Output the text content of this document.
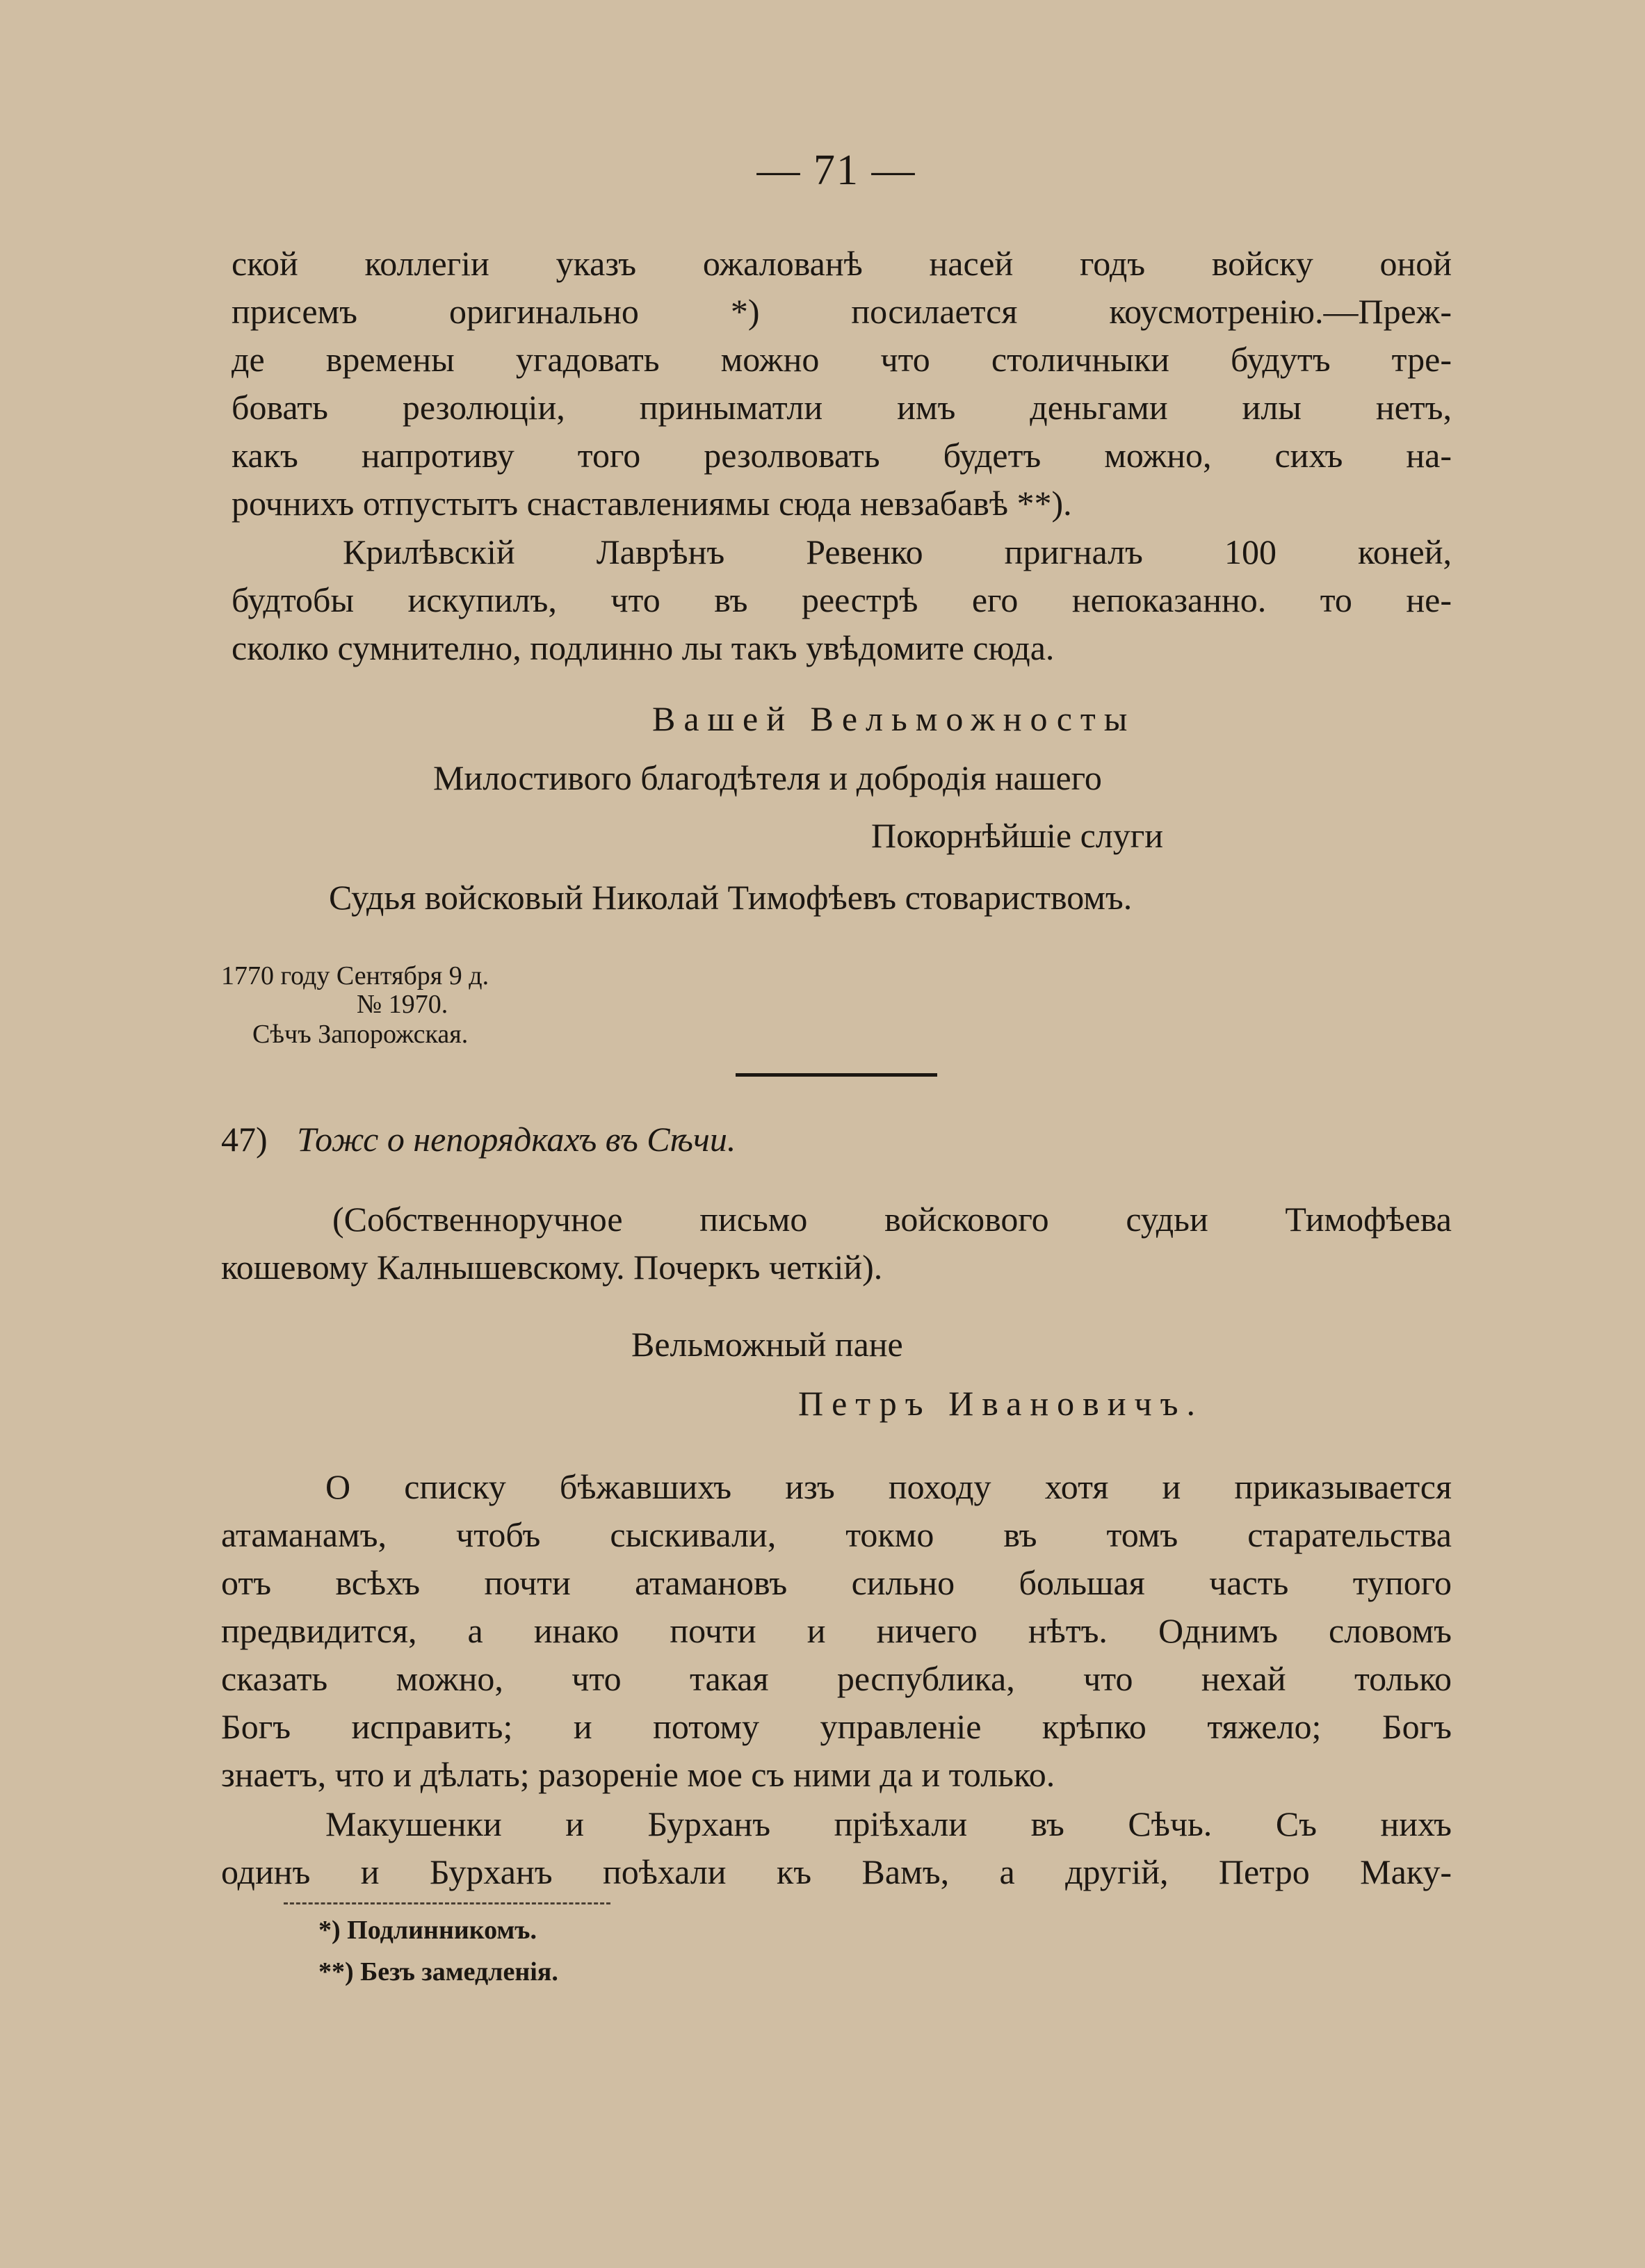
— 71 —
ской коллегіи указъ ожалованѣ насей годъ войску оной
присемъ оригинально *) посилается коусмотренію.—Преж-
де времены угадовать можно что столичныки будутъ тре-
бовать резолюціи, приныматли имъ деньгами илы нетъ,
какъ напротиву того резолвовать будетъ можно, сихъ на-
рочнихъ отпустытъ снаставлениямы сюда невзабавѣ **).
Крилѣвскій Лаврѣнъ Ревенко пригналъ 100 коней,
будтобы искупилъ, что въ реестрѣ его непоказанно. то не-
сколко сумнително, подлинно лы такъ увѣдомите сюда.
Вашей Вельможносты
Милостивого благодѣтеля и добродія нашего
Покорнѣйшіе слуги
Судья войсковый Николай Тимофѣевъ стовариствомъ.
1770 году Сентября 9 д.
№ 1970.
Сѣчъ Запорожская.
47) Тожс о непорядкахъ въ Сѣчи.
(Собственноручное письмо войскового судьи Тимофѣева
кошевому Калнышевскому. Почеркъ четкій).
Вельможный пане
Петръ Ивановичъ.
О списку бѣжавшихъ изъ походу хотя и приказывается
атаманамъ, чтобъ сыскивали, токмо въ томъ старательства
отъ всѣхъ почти атамановъ сильно большая часть тупого
предвидится, а инако почти и ничего нѣтъ. Однимъ словомъ
сказать можно, что такая республика, что нехай только
Богъ исправить; и потому управленіе крѣпко тяжело; Богъ
знаетъ, что и дѣлать; разореніе мое съ ними да и только.
Макушенки и Бурханъ пріѣхали въ Сѣчь. Съ нихъ
одинъ и Бурханъ поѣхали къ Вамъ, а другій, Петро Маку-
*) Подлинникомъ.
**) Безъ замедленія.
